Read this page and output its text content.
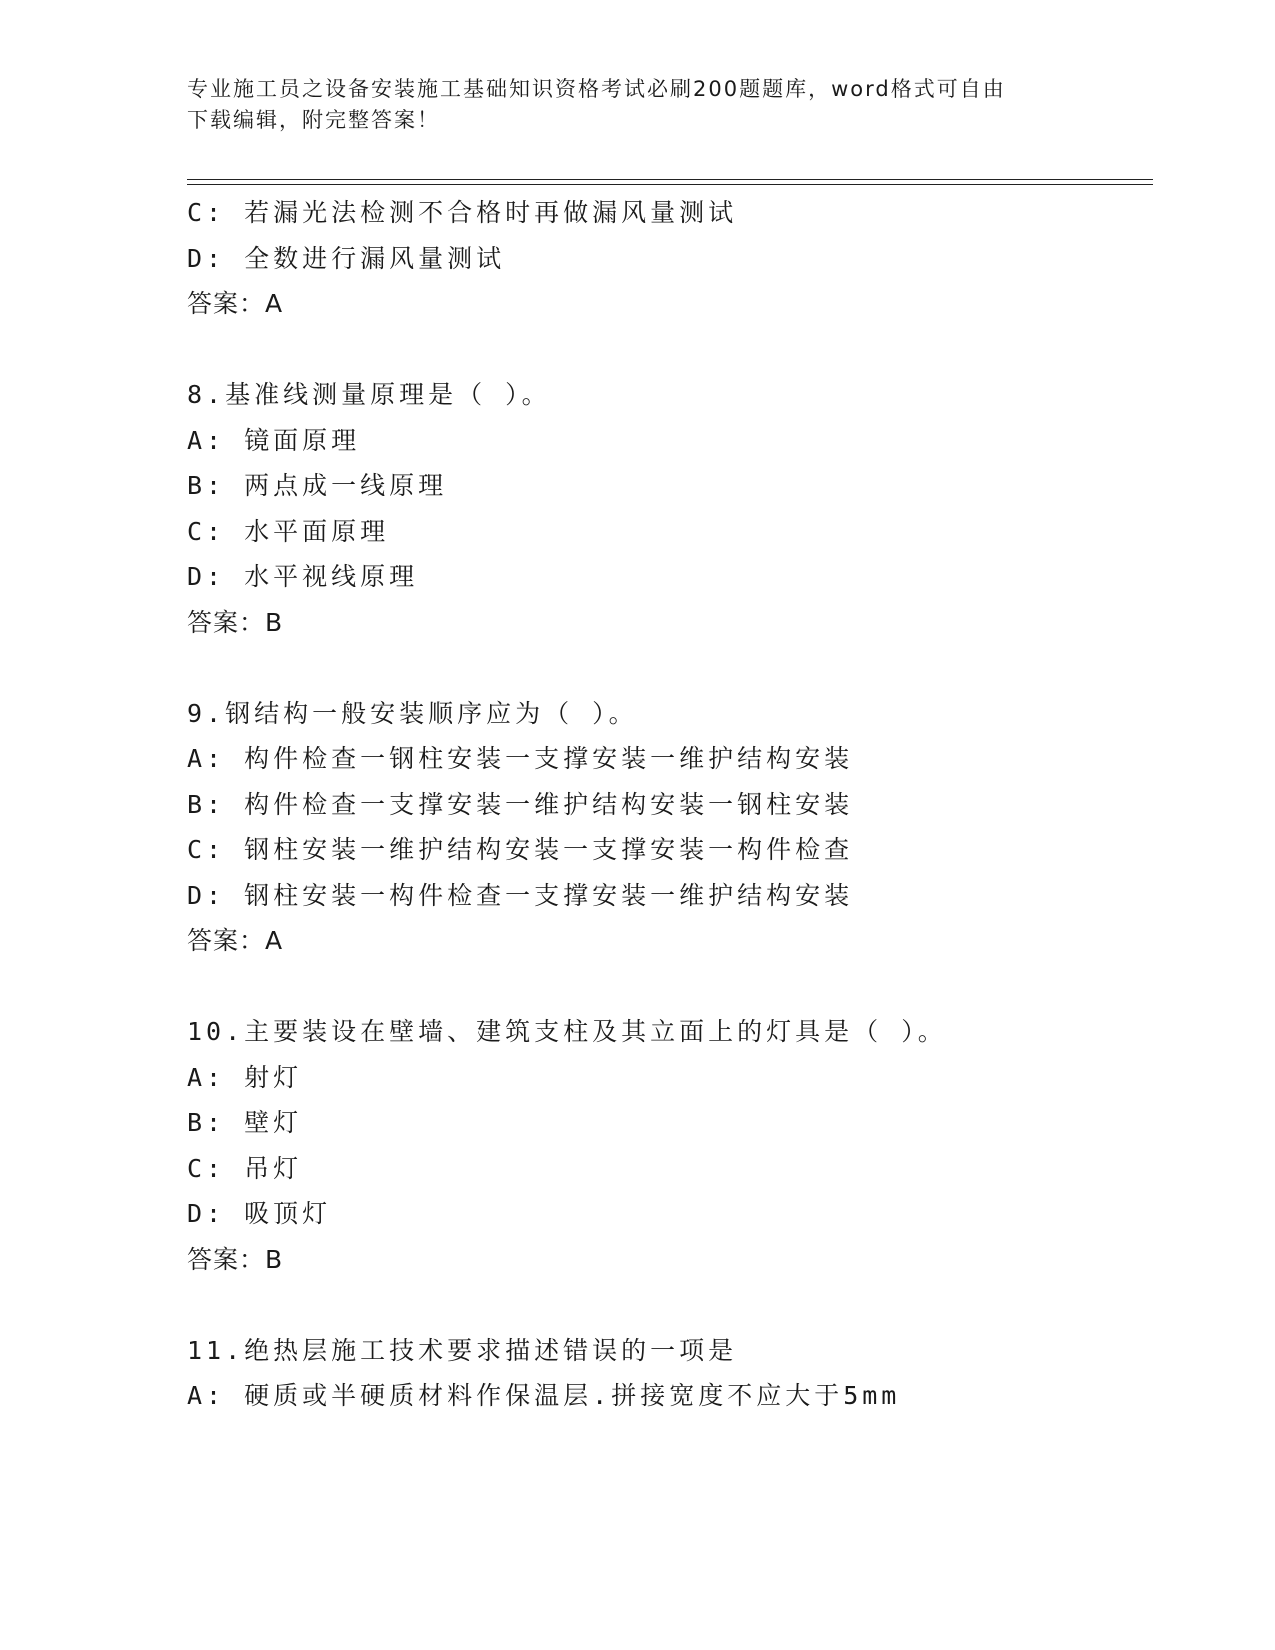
专业施工员之设备安装施工基础知识资格考试必刷200题题库，word格式可自由
下载编辑，附完整答案！
C: 若漏光法检测不合格时再做漏风量测试
D: 全数进行漏风量测试
答案：A
8.基准线测量原理是（ ）。
A: 镜面原理
B: 两点成一线原理
C: 水平面原理
D: 水平视线原理
答案：B
9.钢结构一般安装顺序应为（ ）。
A: 构件检查一钢柱安装一支撑安装一维护结构安装
B: 构件检查一支撑安装一维护结构安装一钢柱安装
C: 钢柱安装一维护结构安装一支撑安装一构件检查
D: 钢柱安装一构件检查一支撑安装一维护结构安装
答案：A
10.主要装设在壁墙、建筑支柱及其立面上的灯具是（ ）。
A: 射灯
B: 壁灯
C: 吊灯
D: 吸顶灯
答案：B
11.绝热层施工技术要求描述错误的一项是
A: 硬质或半硬质材料作保温层.拼接宽度不应大于5mm
